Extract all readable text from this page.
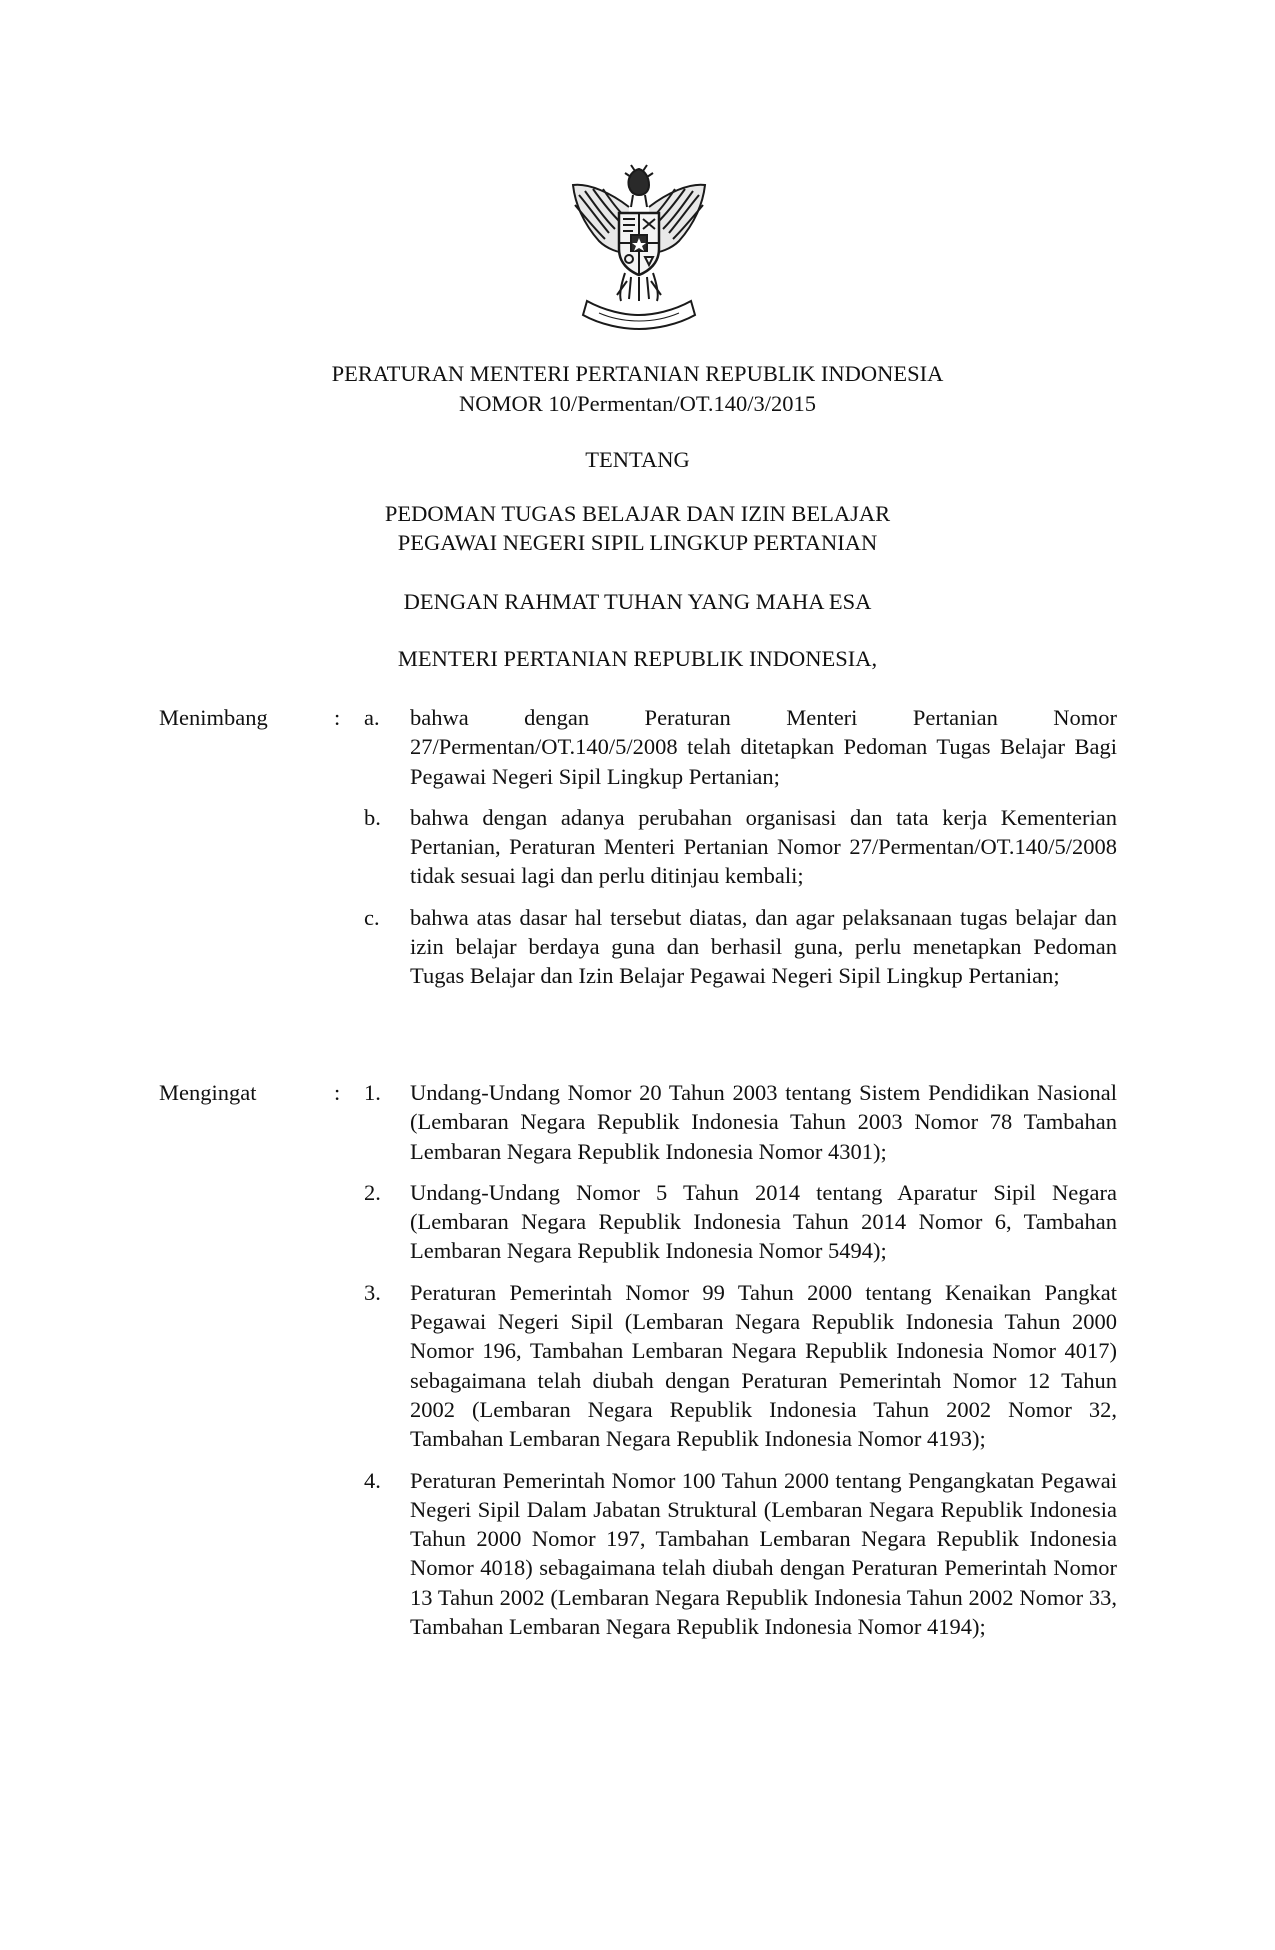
PERATURAN MENTERI PERTANIAN REPUBLIK INDONESIA
NOMOR 10/Permentan/OT.140/3/2015
TENTANG
PEDOMAN TUGAS BELAJAR DAN IZIN BELAJAR
PEGAWAI NEGERI SIPIL LINGKUP PERTANIAN
DENGAN RAHMAT TUHAN YANG MAHA ESA
MENTERI PERTANIAN REPUBLIK INDONESIA,
Menimbang	: a. bahwa dengan Peraturan Menteri Pertanian Nomor 27/Permentan/OT.140/5/2008 telah ditetapkan Pedoman Tugas Belajar Bagi Pegawai Negeri Sipil Lingkup Pertanian;
b. bahwa dengan adanya perubahan organisasi dan tata kerja Kementerian Pertanian, Peraturan Menteri Pertanian Nomor 27/Permentan/OT.140/5/2008 tidak sesuai lagi dan perlu ditinjau kembali;
c. bahwa atas dasar hal tersebut diatas, dan agar pelaksanaan tugas belajar dan izin belajar berdaya guna dan berhasil guna, perlu menetapkan Pedoman Tugas Belajar dan Izin Belajar Pegawai Negeri Sipil Lingkup Pertanian;
Mengingat	: 1. Undang-Undang Nomor 20 Tahun 2003 tentang Sistem Pendidikan Nasional (Lembaran Negara Republik Indonesia Tahun 2003 Nomor 78 Tambahan Lembaran Negara Republik Indonesia Nomor 4301);
2. Undang-Undang Nomor 5 Tahun 2014 tentang Aparatur Sipil Negara (Lembaran Negara Republik Indonesia Tahun 2014 Nomor 6, Tambahan Lembaran Negara Republik Indonesia Nomor 5494);
3. Peraturan Pemerintah Nomor 99 Tahun 2000 tentang Kenaikan Pangkat Pegawai Negeri Sipil (Lembaran Negara Republik Indonesia Tahun 2000 Nomor 196, Tambahan Lembaran Negara Republik Indonesia Nomor 4017) sebagaimana telah diubah dengan Peraturan Pemerintah Nomor 12 Tahun 2002 (Lembaran Negara Republik Indonesia Tahun 2002 Nomor 32, Tambahan Lembaran Negara Republik Indonesia Nomor 4193);
4. Peraturan Pemerintah Nomor 100 Tahun 2000 tentang Pengangkatan Pegawai Negeri Sipil Dalam Jabatan Struktural (Lembaran Negara Republik Indonesia Tahun 2000 Nomor 197, Tambahan Lembaran Negara Republik Indonesia Nomor 4018) sebagaimana telah diubah dengan Peraturan Pemerintah Nomor 13 Tahun 2002 (Lembaran Negara Republik Indonesia Tahun 2002 Nomor 33, Tambahan Lembaran Negara Republik Indonesia Nomor 4194);
